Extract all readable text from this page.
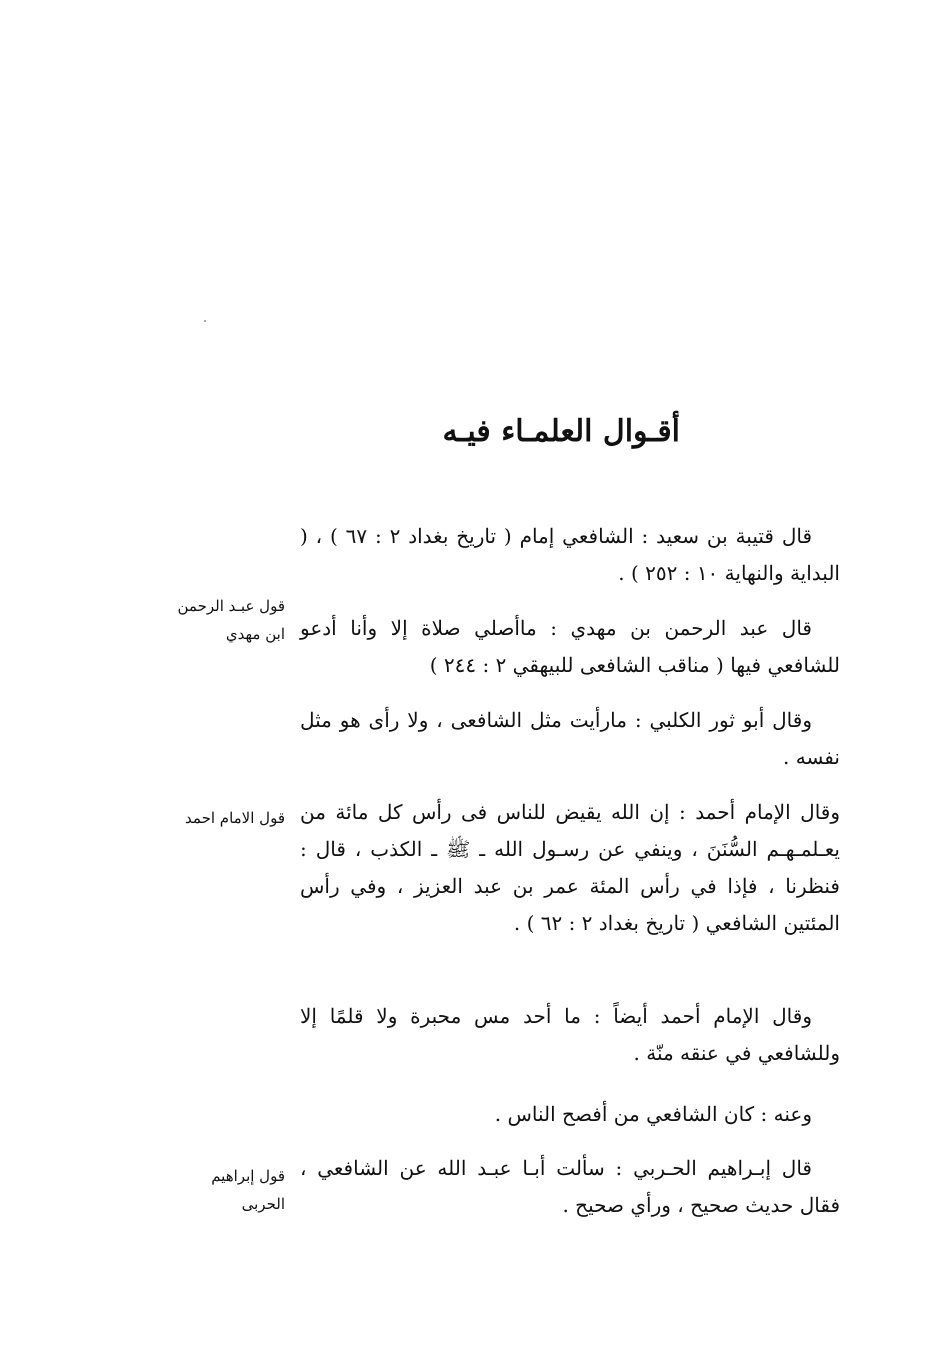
أقـوال العلمـاء فيـه
قال قتيبة بن سعيد : الشافعي إمام ( تاريخ بغداد ٢ : ٦٧ ) ، ( البداية والنهاية ١٠ : ٢٥٢ ) .
قال عبد الرحمن بن مهدي : ماأصلي صلاة إلا وأنا أدعو للشافعي فيها ( مناقب الشافعى للبيهقي ٢ : ٢٤٤ )
وقال أبو ثور الكلبي : مارأيت مثل الشافعى ، ولا رأى هو مثل نفسه .
وقال الإمام أحمد : إن الله يقيض للناس فى رأس كل مائة من يعـلمـهـم السُّنَنَ ، وينفي عن رسـول الله ـ ﷺ ـ الكذب ، قال : فنظرنا ، فإذا في رأس المئة عمر بن عبد العزيز ، وفي رأس المئتين الشافعي ( تاريخ بغداد ٢ : ٦٢ ) .
وقال الإمام أحمد أيضاً : ما أحد مس محبرة ولا قلمًا إلا وللشافعي في عنقه منّة .
وعنه : كان الشافعي من أفصح الناس .
قال إبـراهيم الحـربي : سألت أبـا عبـد الله عن الشافعي ، فقال حديث صحيح ، ورأي صحيح .
قول عبـد الرحمن
ابن مهدي
قول الامام احمد
قول إبراهيم
الحربى
